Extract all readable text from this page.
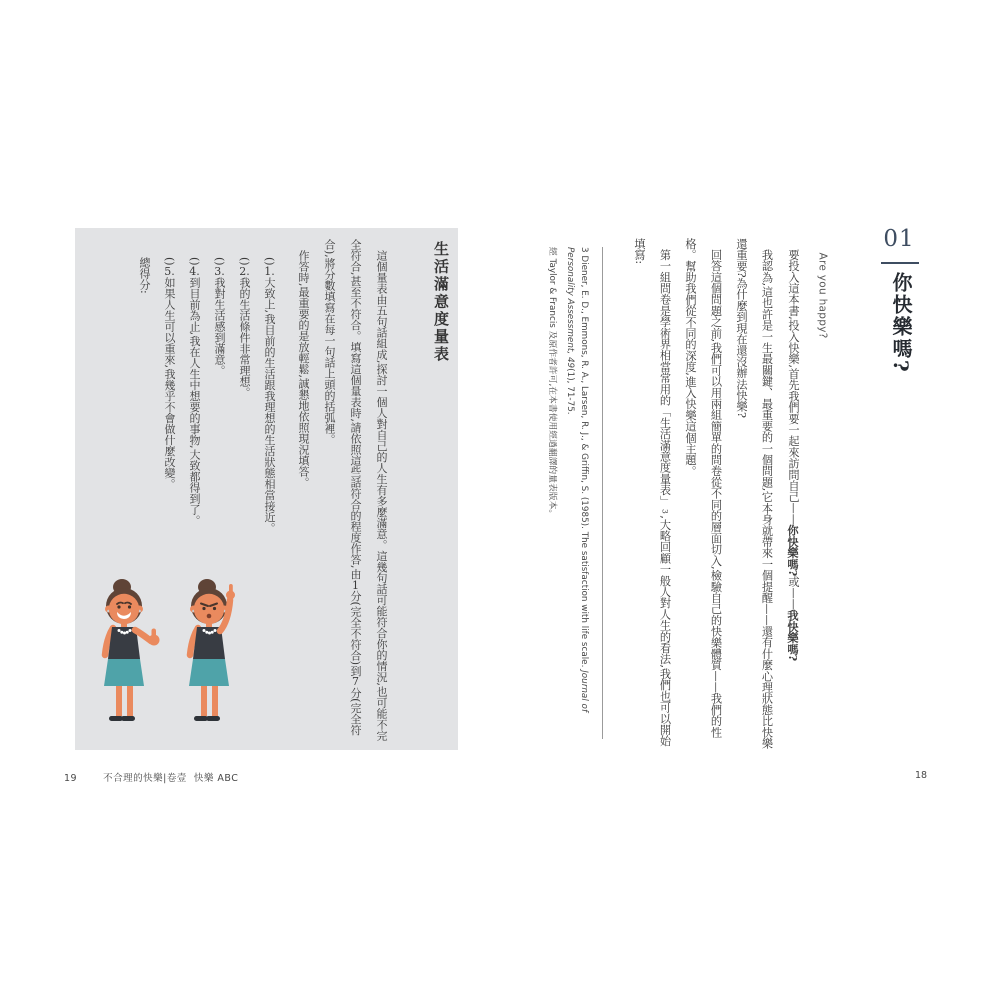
01
你快樂嗎?
Are you happy?

要投入這本書,投入快樂,首先我們要一起來訪問自己——你快樂嗎?或——我快樂嗎?

我認為,這也許是一生最關鍵、最重要的一個問題,它本身就帶來一個提醒——還有什麼心理狀態比快樂還重要?為什麼到現在還沒辦法快樂?

回答這個問題之前,我們可以用兩組簡單的問卷從不同的層面切入,檢驗自己的快樂體質——我們的性格。幫助我們從不同的深度,進入快樂這個主題。

第一組問卷是學術界相當常用的「生活滿意度量表」3,大略回顧一般人對人生的看法,我們也可以開始填寫:

3 Diener, E. D., Emmons, R. A., Larsen, R. J., & Griffin, S. (1985). The satisfaction with life scale. Journal of Personality Assessment, 49(1), 71-75.

經 Taylor & Francis 及原作者許可,在本書使用經過翻譯的量表版本。

18
生活滿意度量表

這個量表由五句話組成,探討一個人對自己的人生有多麼滿意。這幾句話可能符合你的情況,也可能不完全符合,甚至不符合。填寫這個量表時,請依照這些話符合的程度作答,由1分(完全不符合)到7分(完全符合),將分數填寫在每一句話上頭的括弧裡。

作答時,最重要的是放輕鬆,誠懇地依照現況填答。

()1.大致上,我目前的生活跟我理想的生活狀態相當接近。

()2.我的生活條件非常理想。

()3.我對生活感到滿意。

()4.到目前為止,我在人生中想要的事物,大致都得到了。

()5.如果人生可以重來,我幾乎不會做什麼改變。

總得分:

19	不合理的快樂|卷壹 快樂 ABC
